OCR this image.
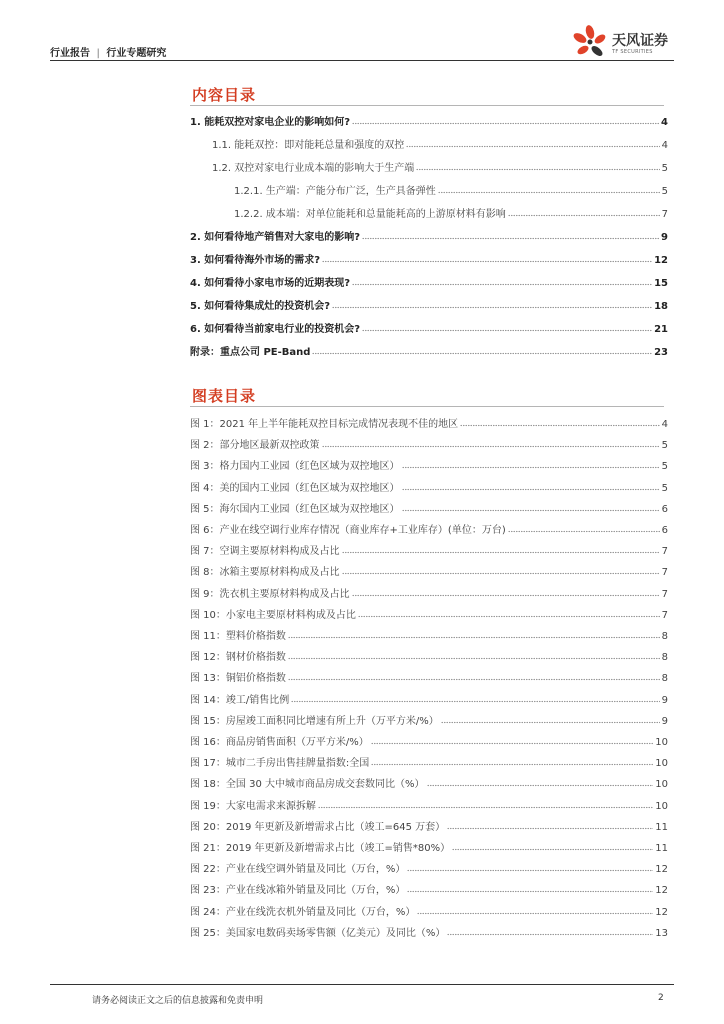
行业报告 | 行业专题研究
天风证券
TF SECURITIES
内容目录
1. 能耗双控对家电企业的影响如何?	4
1.1. 能耗双控：即对能耗总量和强度的双控	4
1.2. 双控对家电行业成本端的影响大于生产端	5
1.2.1. 生产端：产能分布广泛，生产具备弹性	5
1.2.2. 成本端：对单位能耗和总量能耗高的上游原材料有影响	7
2. 如何看待地产销售对大家电的影响?	9
3. 如何看待海外市场的需求?	12
4. 如何看待小家电市场的近期表现?	15
5. 如何看待集成灶的投资机会?	18
6. 如何看待当前家电行业的投资机会?	21
附录：重点公司 PE-Band	23
图表目录
图 1：2021 年上半年能耗双控目标完成情况表现不佳的地区	4
图 2：部分地区最新双控政策	5
图 3：格力国内工业园（红色区域为双控地区）	5
图 4：美的国内工业园（红色区域为双控地区）	5
图 5：海尔国内工业园（红色区域为双控地区）	6
图 6：产业在线空调行业库存情况（商业库存+工业库存）(单位：万台)	6
图 7：空调主要原材料构成及占比	7
图 8：冰箱主要原材料构成及占比	7
图 9：洗衣机主要原材料构成及占比	7
图 10：小家电主要原材料构成及占比	7
图 11：塑料价格指数	8
图 12：钢材价格指数	8
图 13：铜铝价格指数	8
图 14：竣工/销售比例	9
图 15：房屋竣工面积同比增速有所上升（万平方米/%）	9
图 16：商品房销售面积（万平方米/%）	10
图 17：城市二手房出售挂牌量指数:全国	10
图 18：全国 30 大中城市商品房成交套数同比（%）	10
图 19：大家电需求来源拆解	10
图 20：2019 年更新及新增需求占比（竣工=645 万套）	11
图 21：2019 年更新及新增需求占比（竣工=销售*80%）	11
图 22：产业在线空调外销量及同比（万台，%）	12
图 23：产业在线冰箱外销量及同比（万台，%）	12
图 24：产业在线洗衣机外销量及同比（万台，%）	12
图 25：美国家电数码卖场零售额（亿美元）及同比（%）	13
请务必阅读正文之后的信息披露和免责申明	2
